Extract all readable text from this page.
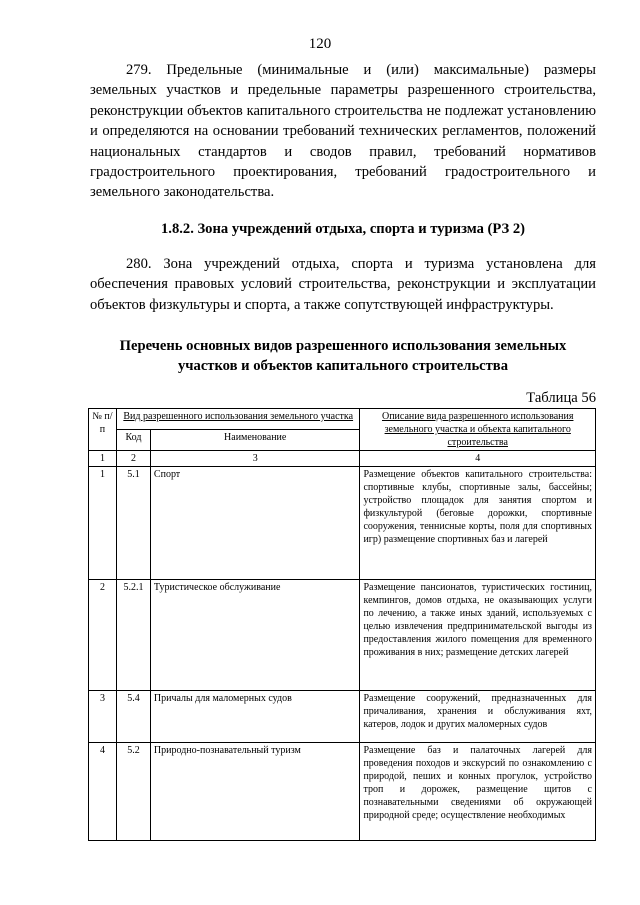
120
279. Предельные (минимальные и (или) максимальные) размеры земельных участков и предельные параметры разрешенного строительства, реконструкции объектов капитального строительства не подлежат установлению и определяются на основании требований технических регламентов, положений национальных стандартов и сводов правил, требований нормативов градостроительного проектирования, требований градостроительного и земельного законодательства.
1.8.2. Зона учреждений отдыха, спорта и туризма (РЗ 2)
280. Зона учреждений отдыха, спорта и туризма установлена для обеспечения правовых условий строительства, реконструкции и эксплуатации объектов физкультуры и спорта, а также сопутствующей инфраструктуры.
Перечень основных видов разрешенного использования земельных участков и объектов капитального строительства
Таблица 56
№ п/п	Вид разрешенного использования земельного участка		Описание вида разрешенного использования земельного участка и объекта капитального строительства
	Код	Наименование	
1	2	3	4
1	5.1	Спорт	Размещение объектов капитального строительства: спортивные клубы, спортивные залы, бассейны; устройство площадок для занятия спортом и физкультурой (беговые дорожки, спортивные сооружения, теннисные корты, поля для спортивных игр) размещение спортивных баз и лагерей
2	5.2.1	Туристическое обслуживание	Размещение пансионатов, туристических гостиниц, кемпингов, домов отдыха, не оказывающих услуги по лечению, а также иных зданий, используемых с целью извлечения предпринимательской выгоды из предоставления жилого помещения для временного проживания в них; размещение детских лагерей
3	5.4	Причалы для маломерных судов	Размещение сооружений, предназначенных для причаливания, хранения и обслуживания яхт, катеров, лодок и других маломерных судов
4	5.2	Природно-познавательный туризм	Размещение баз и палаточных лагерей для проведения походов и экскурсий по ознакомлению с природой, пеших и конных прогулок, устройство троп и дорожек, размещение щитов с познавательными сведениями об окружающей природной среде; осуществление необходимых
